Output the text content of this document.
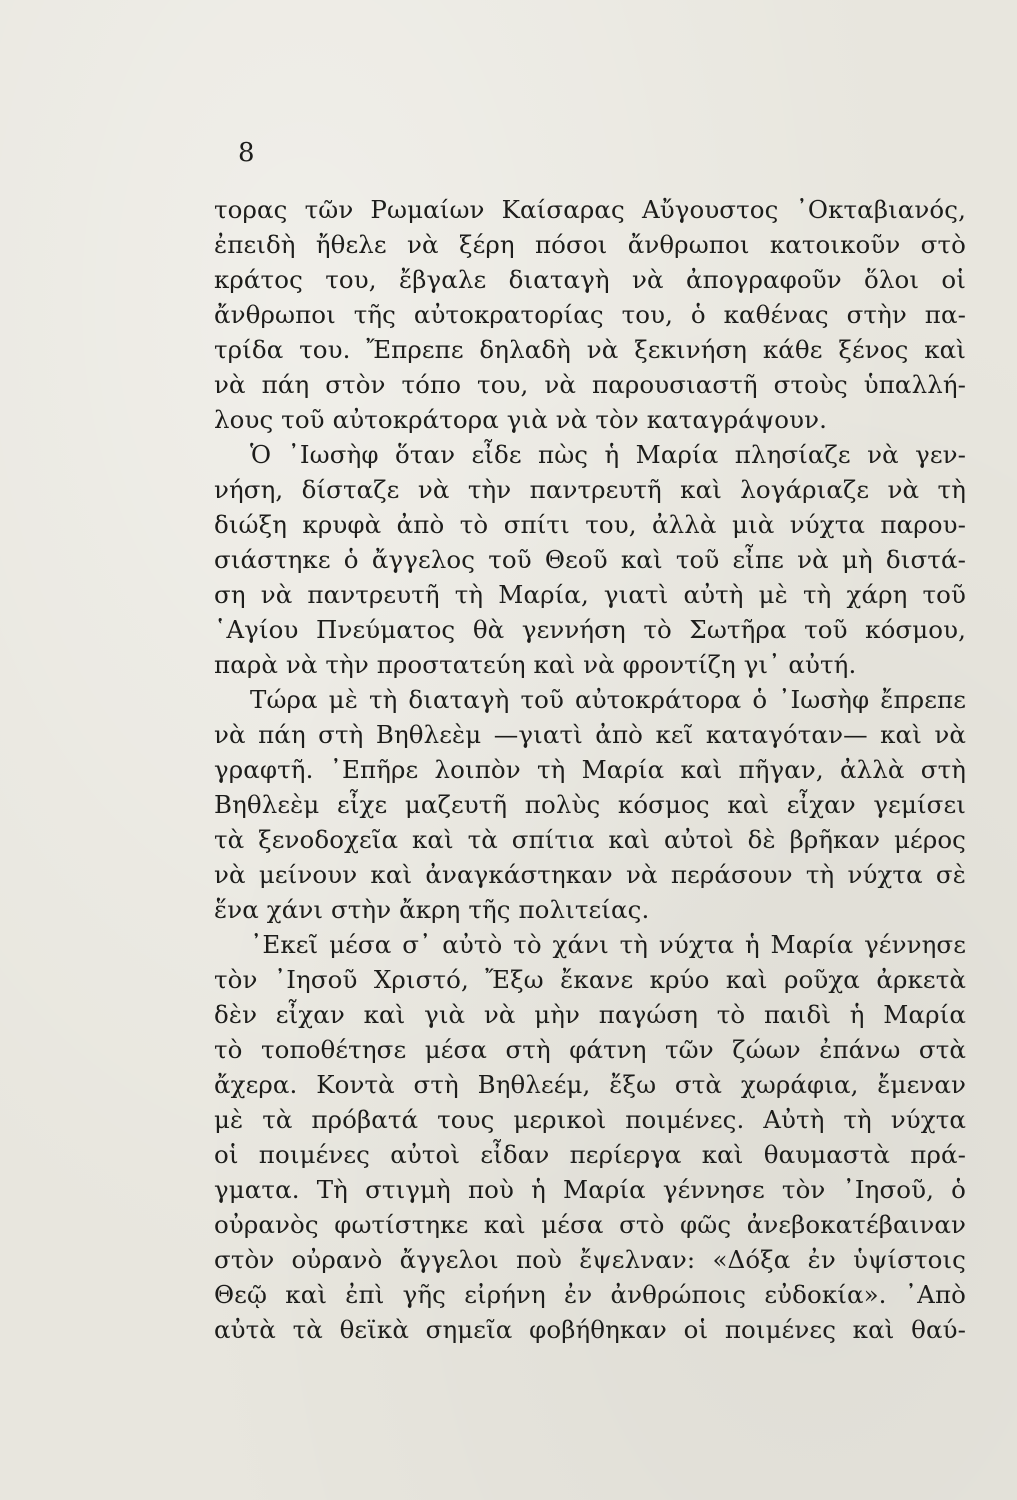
8
τορας τῶν Ρωμαίων Καίσαρας Αὔγουστος ᾿Οκταβιανός,
ἐπειδὴ ἤθελε νὰ ξέρη πόσοι ἄνθρωποι κατοικοῦν στὸ
κράτος του, ἔβγαλε διαταγὴ νὰ ἀπογραφοῦν ὅλοι οἱ
ἄνθρωποι τῆς αὐτοκρατορίας του, ὁ καθένας στὴν πα-
τρίδα του. Ἔπρεπε δηλαδὴ νὰ ξεκινήση κάθε ξένος καὶ
νὰ πάη στὸν τόπο του, νὰ παρουσιαστῆ στοὺς ὑπαλλή-
λους τοῦ αὐτοκράτορα γιὰ νὰ τὸν καταγράψουν.
Ὁ ᾿Ιωσὴφ ὅταν εἶδε πὼς ἡ Μαρία πλησίαζε νὰ γεν-
νήση, δίσταζε νὰ τὴν παντρευτῆ καὶ λογάριαζε νὰ τὴ
διώξη κρυφὰ ἀπὸ τὸ σπίτι του, ἀλλὰ μιὰ νύχτα παρου-
σιάστηκε ὁ ἄγγελος τοῦ Θεοῦ καὶ τοῦ εἶπε νὰ μὴ διστά-
ση νὰ παντρευτῆ τὴ Μαρία, γιατὶ αὐτὴ μὲ τὴ χάρη τοῦ
῾Αγίου Πνεύματος θὰ γεννήση τὸ Σωτῆρα τοῦ κόσμου,
παρὰ νὰ τὴν προστατεύη καὶ νὰ φροντίζη γι᾿ αὐτή.
Τώρα μὲ τὴ διαταγὴ τοῦ αὐτοκράτορα ὁ ᾿Ιωσὴφ ἔπρεπε
νὰ πάη στὴ Βηθλεὲμ —γιατὶ ἀπὸ κεῖ καταγόταν— καὶ νὰ
γραφτῆ. ᾿Επῆρε λοιπὸν τὴ Μαρία καὶ πῆγαν, ἀλλὰ στὴ
Βηθλεὲμ εἶχε μαζευτῆ πολὺς κόσμος καὶ εἶχαν γεμίσει
τὰ ξενοδοχεῖα καὶ τὰ σπίτια καὶ αὐτοὶ δὲ βρῆκαν μέρος
νὰ μείνουν καὶ ἀναγκάστηκαν νὰ περάσουν τὴ νύχτα σὲ
ἕνα χάνι στὴν ἄκρη τῆς πολιτείας.
᾿Εκεῖ μέσα σ᾿ αὐτὸ τὸ χάνι τὴ νύχτα ἡ Μαρία γέννησε
τὸν ᾿Ιησοῦ Χριστό, Ἔξω ἔκανε κρύο καὶ ροῦχα ἀρκετὰ
δὲν εἶχαν καὶ γιὰ νὰ μὴν παγώση τὸ παιδὶ ἡ Μαρία
τὸ τοποθέτησε μέσα στὴ φάτνη τῶν ζώων ἐπάνω στὰ
ἄχερα. Κοντὰ στὴ Βηθλεέμ, ἔξω στὰ χωράφια, ἔμεναν
μὲ τὰ πρόβατά τους μερικοὶ ποιμένες. Αὐτὴ τὴ νύχτα
οἱ ποιμένες αὐτοὶ εἶδαν περίεργα καὶ θαυμαστὰ πρά-
γματα. Τὴ στιγμὴ ποὺ ἡ Μαρία γέννησε τὸν ᾿Ιησοῦ, ὁ
οὐρανὸς φωτίστηκε καὶ μέσα στὸ φῶς ἀνεβοκατέβαιναν
στὸν οὐρανὸ ἄγγελοι ποὺ ἔψελναν: «Δόξα ἐν ὑψίστοις
Θεῷ καὶ ἐπὶ γῆς εἰρήνη ἐν ἀνθρώποις εὐδοκία». ᾿Απὸ
αὐτὰ τὰ θεϊκὰ σημεῖα φοβήθηκαν οἱ ποιμένες καὶ θαύ-
